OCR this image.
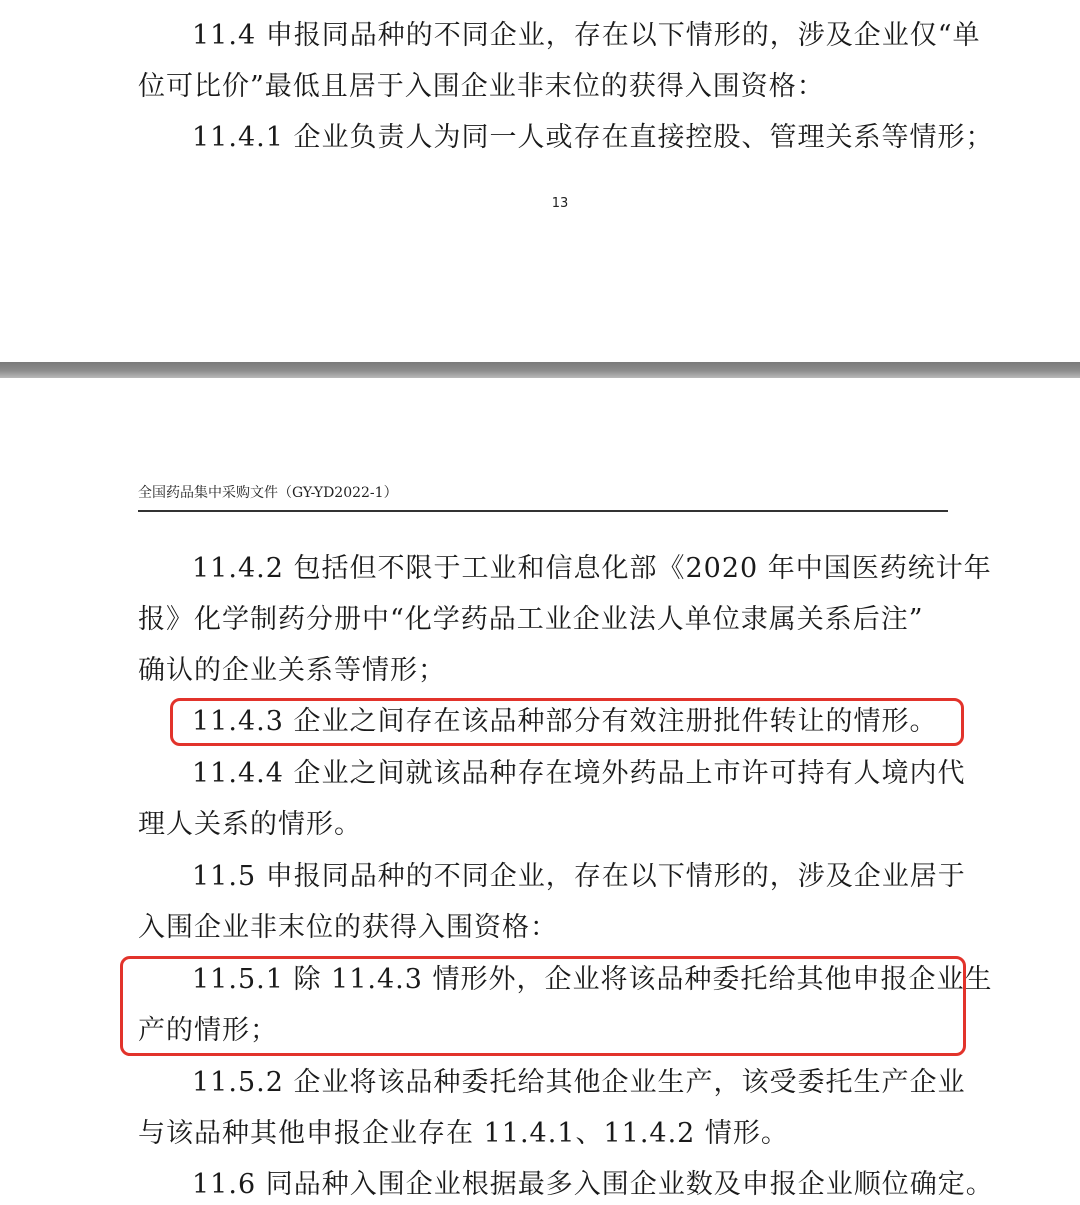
11.4 申报同品种的不同企业，存在以下情形的，涉及企业仅“单
位可比价”最低且居于入围企业非末位的获得入围资格：
11.4.1 企业负责人为同一人或存在直接控股、管理关系等情形；
13
全国药品集中采购文件（GY-YD2022-1）
11.4.2 包括但不限于工业和信息化部《2020 年中国医药统计年
报》化学制药分册中“化学药品工业企业法人单位隶属关系后注”
确认的企业关系等情形；
11.4.3 企业之间存在该品种部分有效注册批件转让的情形。
11.4.4 企业之间就该品种存在境外药品上市许可持有人境内代
理人关系的情形。
11.5 申报同品种的不同企业，存在以下情形的，涉及企业居于
入围企业非末位的获得入围资格：
11.5.1 除 11.4.3 情形外，企业将该品种委托给其他申报企业生
产的情形；
11.5.2 企业将该品种委托给其他企业生产，该受委托生产企业
与该品种其他申报企业存在 11.4.1、11.4.2 情形。
11.6 同品种入围企业根据最多入围企业数及申报企业顺位确定。
